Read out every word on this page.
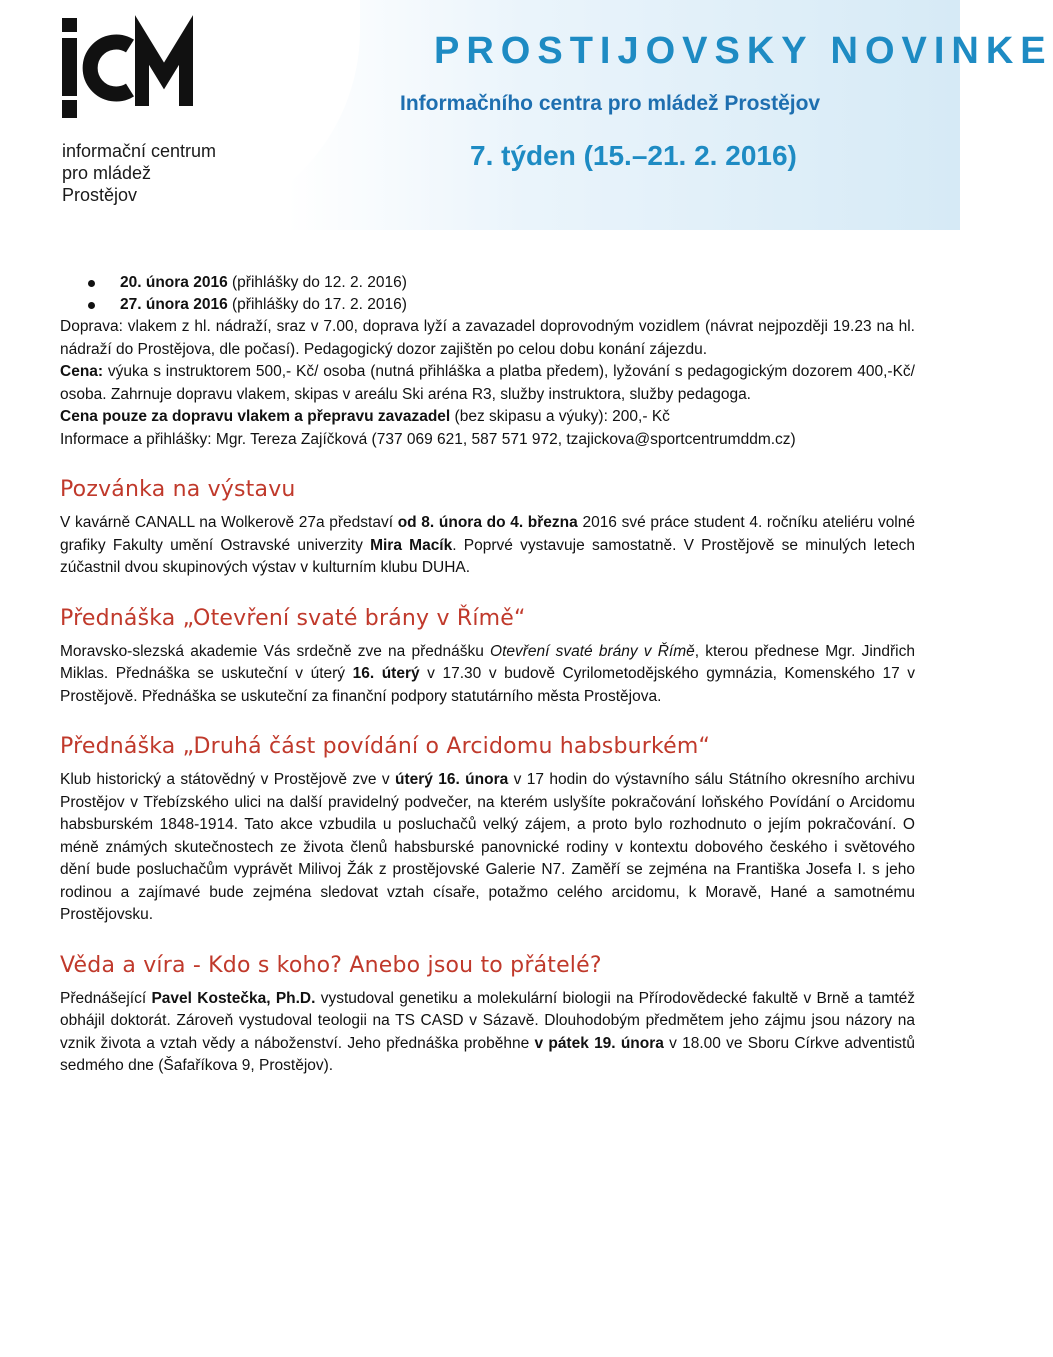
informační centrum
pro mládež
Prostějov

PROSTIJOVSKY NOVINKE

Informačního centra pro mládež Prostějov

7. týden (15.–21. 2. 2016)

20. února 2016 (přihlášky do 12. 2. 2016)
27. února 2016 (přihlášky do 17. 2. 2016)

Doprava: vlakem z hl. nádraží, sraz v 7.00, doprava lyží a zavazadel doprovodným vozidlem (návrat nejpozději 19.23 na hl. nádraží do Prostějova, dle počasí). Pedagogický dozor zajištěn po celou dobu konání zájezdu.

Cena: výuka s instruktorem 500,- Kč/ osoba (nutná přihláška a platba předem), lyžování s pedagogickým dozorem 400,-Kč/ osoba. Zahrnuje dopravu vlakem, skipas v areálu Ski aréna R3, služby instruktora, služby pedagoga.

Cena pouze za dopravu vlakem a přepravu zavazadel (bez skipasu a výuky): 200,- Kč

Informace a přihlášky: Mgr. Tereza Zajíčková (737 069 621, 587 571 972, tzajickova@sportcentrumddm.cz)

Pozvánka na výstavu

V kavárně CANALL na Wolkerově 27a představí od 8. února do 4. března 2016 své práce student 4. ročníku ateliéru volné grafiky Fakulty umění Ostravské univerzity Mira Macík. Poprvé vystavuje samostatně. V Prostějově se minulých letech zúčastnil dvou skupinových výstav v kulturním klubu DUHA.

Přednáška „Otevření svaté brány v Římě“

Moravsko-slezská akademie Vás srdečně zve na přednášku Otevření svaté brány v Římě, kterou přednese Mgr. Jindřich Miklas. Přednáška se uskuteční v úterý 16. úterý v 17.30 v budově Cyrilometodějského gymnázia, Komenského 17 v Prostějově. Přednáška se uskuteční za finanční podpory statutárního města Prostějova.

Přednáška „Druhá část povídání o Arcidomu habsburkém“

Klub historický a státovědný v Prostějově zve v úterý 16. února v 17 hodin do výstavního sálu Státního okresního archivu Prostějov v Třebízského ulici na další pravidelný podvečer, na kterém uslyšíte pokračování loňského Povídání o Arcidomu habsburském 1848-1914. Tato akce vzbudila u posluchačů velký zájem, a proto bylo rozhodnuto o jejím pokračování. O méně známých skutečnostech ze života členů habsburské panovnické rodiny v kontextu dobového českého i světového dění bude posluchačům vyprávět Milivoj Žák z prostějovské Galerie N7. Zaměří se zejména na Františka Josefa I. s jeho rodinou a zajímavé bude zejména sledovat vztah císaře, potažmo celého arcidomu, k Moravě, Hané a samotnému Prostějovsku.

Věda a víra - Kdo s koho? Anebo jsou to přátelé?

Přednášející Pavel Kostečka, Ph.D. vystudoval genetiku a molekulární biologii na Přírodovědecké fakultě v Brně a tamtéž obhájil doktorát. Zároveň vystudoval teologii na TS CASD v Sázavě. Dlouhodobým předmětem jeho zájmu jsou názory na vznik života a vztah vědy a náboženství. Jeho přednáška proběhne v pátek 19. února v 18.00 ve Sboru Církve adventistů sedmého dne (Šafaříkova 9, Prostějov).
